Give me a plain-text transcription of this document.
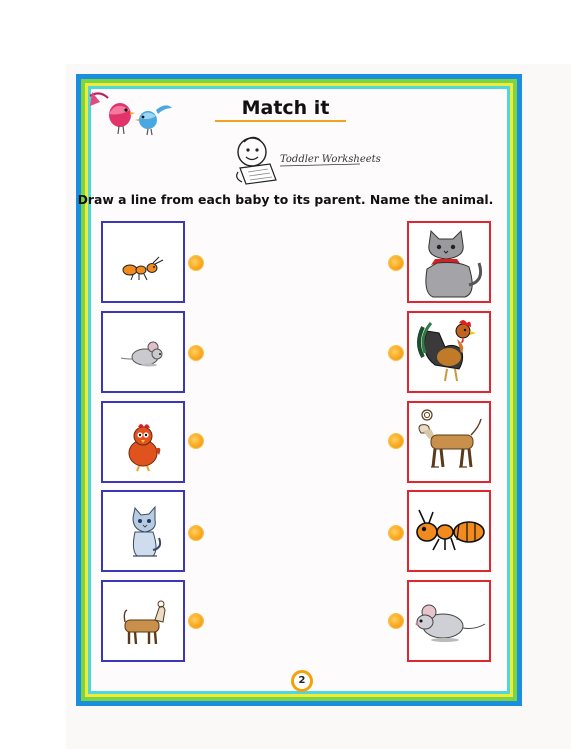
Match it
Toddler Worksheets
Draw a line from each baby to its parent. Name the animal.
2
